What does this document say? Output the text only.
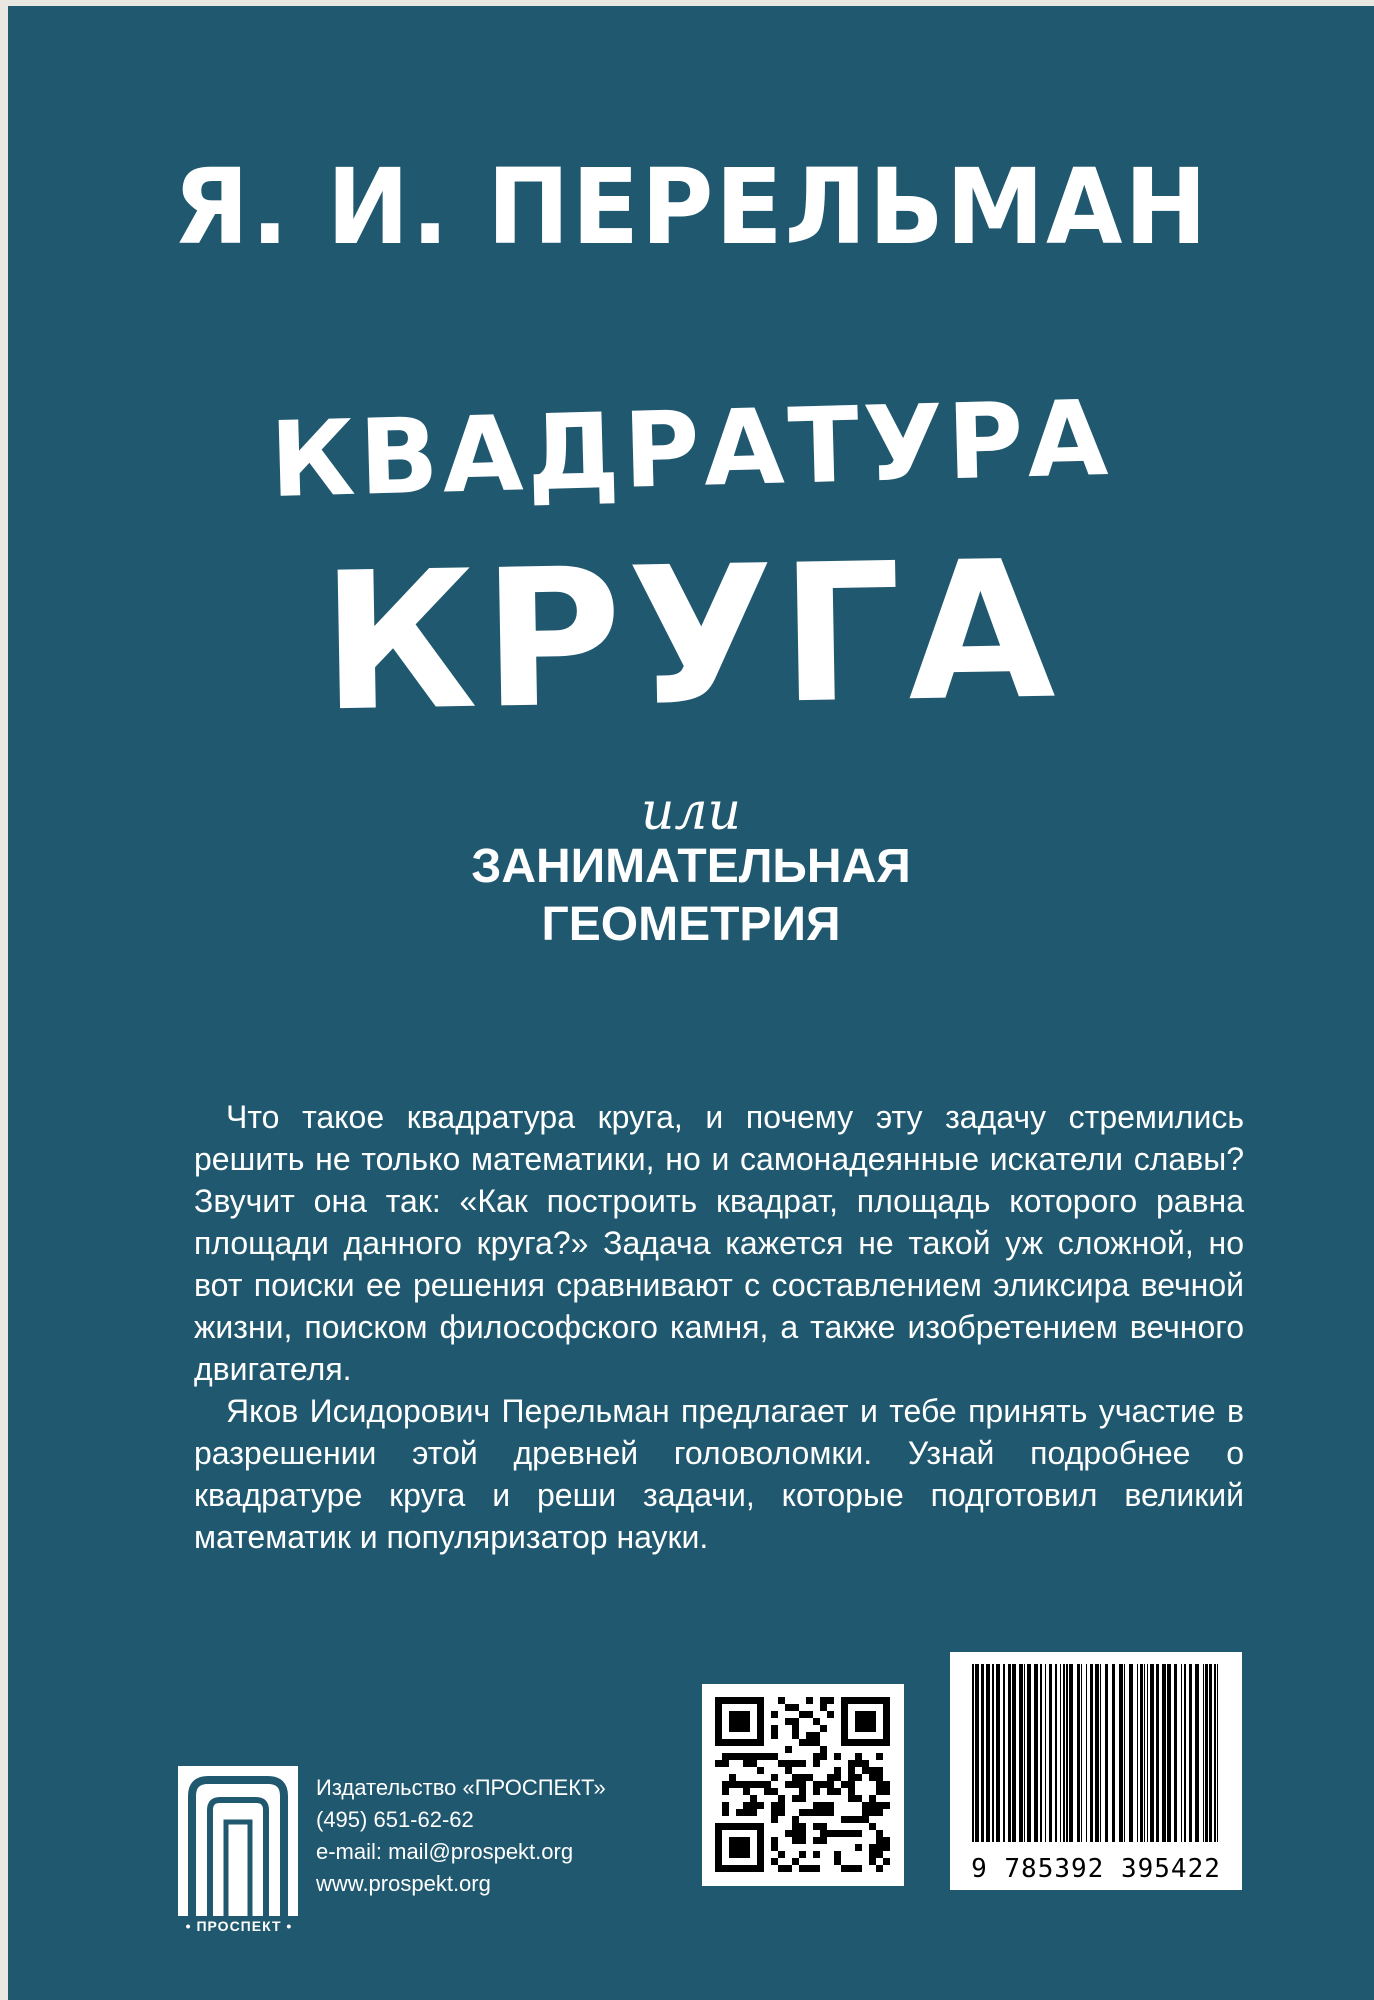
Я. И. ПЕРЕЛЬМАН
КВАДРАТУРА
КРУГА
или
ЗАНИМАТЕЛЬНАЯ
ГЕОМЕТРИЯ

Что такое квадратура круга, и почему эту задачу стремились решить не только математики, но и самонадеянные искатели славы? Звучит она так: «Как построить квадрат, площадь которого равна площади данного круга?» Задача кажется не такой уж сложной, но вот поиски ее решения сравнивают с составлением эликсира вечной жизни, поиском философского камня, а также изобретением вечного двигателя.

Яков Исидорович Перельман предлагает и тебе принять участие в разрешении этой древней головоломки. Узнай подробнее о квадратуре круга и реши задачи, которые подготовил великий математик и популяризатор науки.

• ПРОСПЕКТ •
Издательство «ПРОСПЕКТ»
(495) 651-62-62
e-mail: mail@prospekt.org
www.prospekt.org	9 785392 395422
